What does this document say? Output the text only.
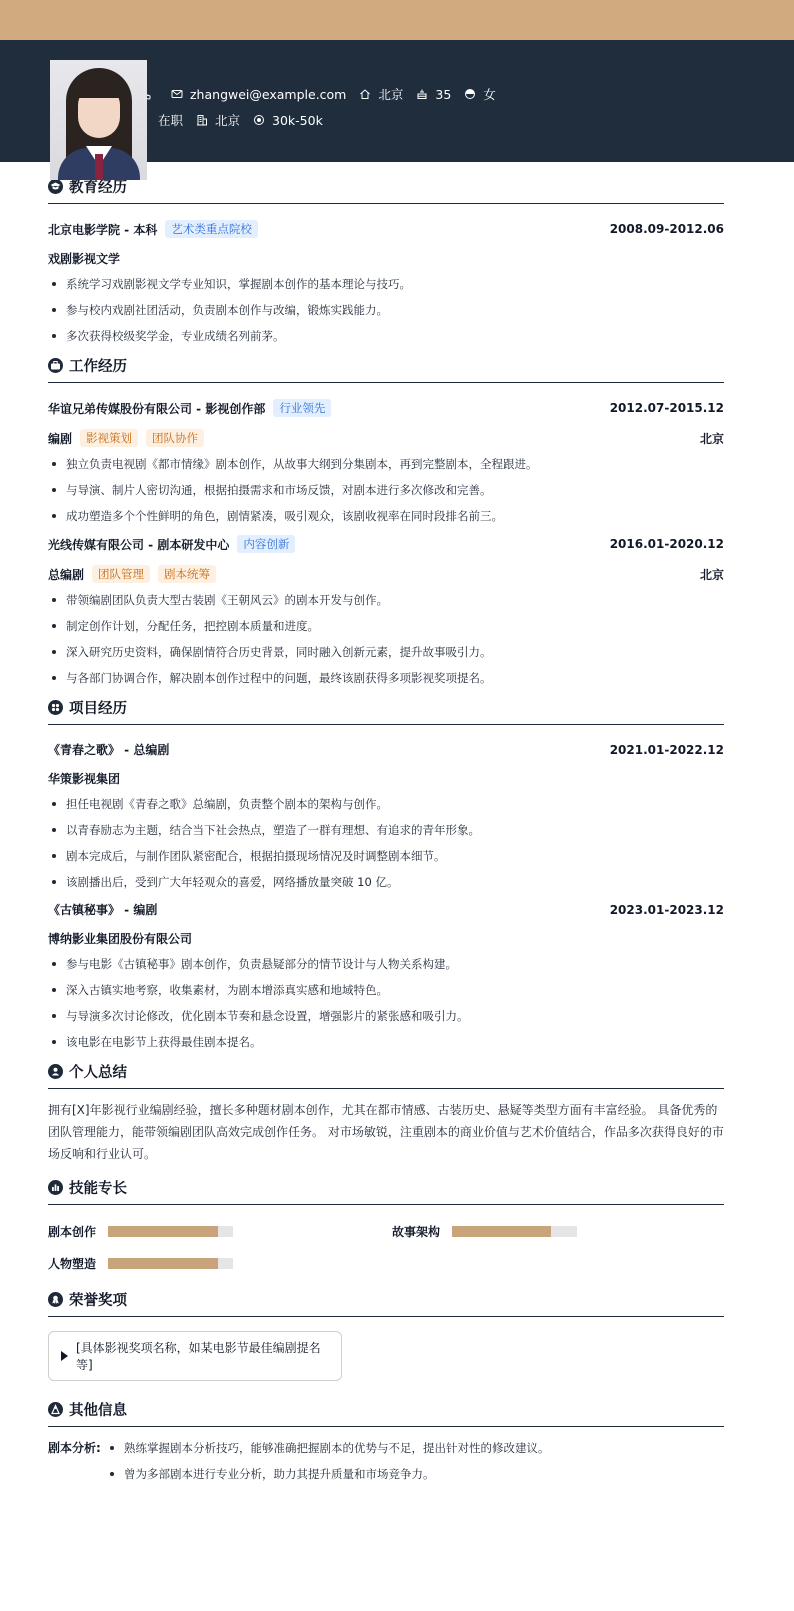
zhangwei@example.com	北京	35	女
在职	北京	30k-50k
教育经历
北京电影学院 - 本科	艺术类重点院校	2008.09-2012.06
戏剧影视文学
系统学习戏剧影视文学专业知识，掌握剧本创作的基本理论与技巧。
参与校内戏剧社团活动，负责剧本创作与改编，锻炼实践能力。
多次获得校级奖学金，专业成绩名列前茅。
工作经历
华谊兄弟传媒股份有限公司 - 影视创作部	行业领先	2012.07-2015.12
编剧	影视策划	团队协作	北京
独立负责电视剧《都市情缘》剧本创作，从故事大纲到分集剧本，再到完整剧本，全程跟进。
与导演、制片人密切沟通，根据拍摄需求和市场反馈，对剧本进行多次修改和完善。
成功塑造多个个性鲜明的角色，剧情紧凑，吸引观众，该剧收视率在同时段排名前三。
光线传媒有限公司 - 剧本研发中心	内容创新	2016.01-2020.12
总编剧	团队管理	剧本统筹	北京
带领编剧团队负责大型古装剧《王朝风云》的剧本开发与创作。
制定创作计划，分配任务，把控剧本质量和进度。
深入研究历史资料，确保剧情符合历史背景，同时融入创新元素，提升故事吸引力。
与各部门协调合作，解决剧本创作过程中的问题，最终该剧获得多项影视奖项提名。
项目经历
《青春之歌》 - 总编剧	2021.01-2022.12
华策影视集团
担任电视剧《青春之歌》总编剧，负责整个剧本的架构与创作。
以青春励志为主题，结合当下社会热点，塑造了一群有理想、有追求的青年形象。
剧本完成后，与制作团队紧密配合，根据拍摄现场情况及时调整剧本细节。
该剧播出后，受到广大年轻观众的喜爱，网络播放量突破 10 亿。
《古镇秘事》 - 编剧	2023.01-2023.12
博纳影业集团股份有限公司
参与电影《古镇秘事》剧本创作，负责悬疑部分的情节设计与人物关系构建。
深入古镇实地考察，收集素材，为剧本增添真实感和地域特色。
与导演多次讨论修改，优化剧本节奏和悬念设置，增强影片的紧张感和吸引力。
该电影在电影节上获得最佳剧本提名。
个人总结

拥有[X]年影视行业编剧经验，擅长多种题材剧本创作，尤其在都市情感、古装历史、悬疑等类型方面有丰富经验。 具备优秀的团队管理能力，能带领编剧团队高效完成创作任务。 对市场敏锐，注重剧本的商业价值与艺术价值结合，作品多次获得良好的市场反响和行业认可。

技能专长
剧本创作	故事架构
人物塑造
荣誉奖项
[具体影视奖项名称，如某电影节最佳编剧提名等]
其他信息
剧本分析:	熟练掌握剧本分析技巧，能够准确把握剧本的优势与不足，提出针对性的修改建议。
曾为多部剧本进行专业分析，助力其提升质量和市场竞争力。
